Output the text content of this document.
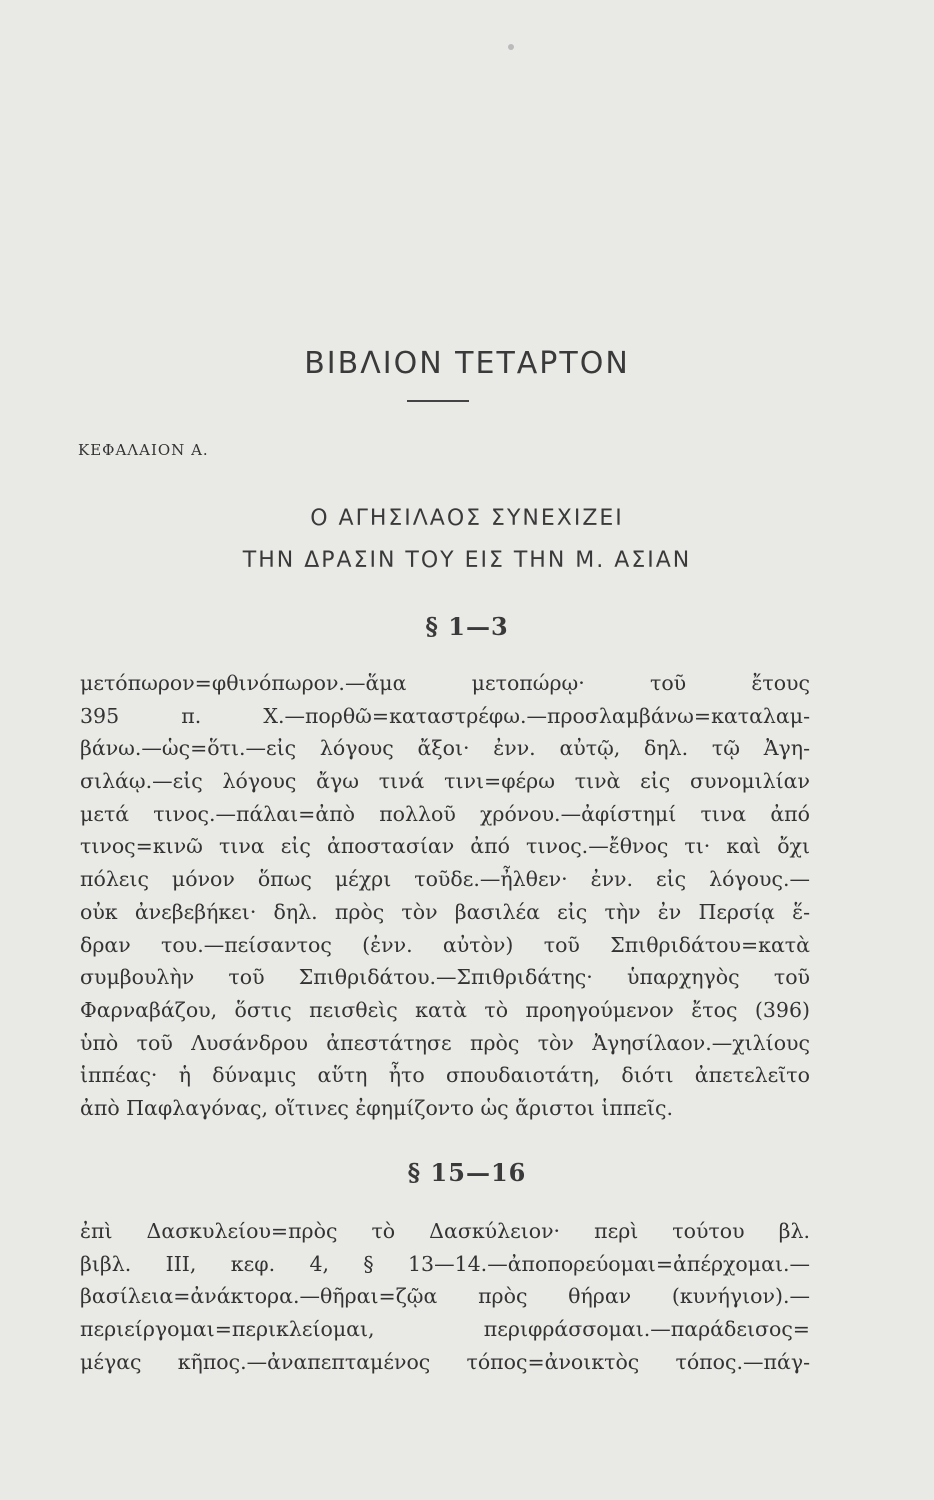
ΒΙΒΛΙΟΝ ΤΕΤΑΡΤΟΝ
ΚΕΦΑΛΑΙΟΝ Α.
Ο ΑΓΗΣΙΛΑΟΣ ΣΥΝΕΧΙΖΕΙ
ΤΗΝ ΔΡΑΣΙΝ ΤΟΥ ΕΙΣ ΤΗΝ Μ. ΑΣΙΑΝ
§ 1—3
μετόπωρον=φθινόπωρον.—ἅμα μετοπώρῳ· τοῦ ἔτους
395 π. Χ.—πορθῶ=καταστρέφω.—προσλαμβάνω=καταλαμ-
βάνω.—ὡς=ὅτι.—εἰς λόγους ἄξοι· ἐνν. αὐτῷ, δηλ. τῷ Ἀγη-
σιλάῳ.—εἰς λόγους ἄγω τινά τινι=φέρω τινὰ εἰς συνομιλίαν
μετά τινος.—πάλαι=ἀπὸ πολλοῦ χρόνου.—ἀφίστημί τινα ἀπό
τινος=κινῶ τινα εἰς ἀποστασίαν ἀπό τινος.—ἔθνος τι· καὶ ὄχι
πόλεις μόνον ὅπως μέχρι τοῦδε.—ἦλθεν· ἐνν. εἰς λόγους.—
οὐκ ἀνεβεβήκει· δηλ. πρὸς τὸν βασιλέα εἰς τὴν ἐν Περσίᾳ ἕ-
δραν του.—πείσαντος (ἐνν. αὐτὸν) τοῦ Σπιθριδάτου=κατὰ
συμβουλὴν τοῦ Σπιθριδάτου.—Σπιθριδάτης· ὑπαρχηγὸς τοῦ
Φαρναβάζου, ὅστις πεισθεὶς κατὰ τὸ προηγούμενον ἔτος (396)
ὑπὸ τοῦ Λυσάνδρου ἀπεστάτησε πρὸς τὸν Ἀγησίλαον.—χιλίους
ἱππέας· ἡ δύναμις αὕτη ἦτο σπουδαιοτάτη, διότι ἀπετελεῖτο
ἀπὸ Παφλαγόνας, οἵτινες ἐφημίζοντο ὡς ἄριστοι ἱππεῖς.
§ 15—16
ἐπὶ Δασκυλείου=πρὸς τὸ Δασκύλειον· περὶ τούτου βλ.
βιβλ. ΙΙΙ, κεφ. 4, § 13—14.—ἀποπορεύομαι=ἀπέρχομαι.—
βασίλεια=ἀνάκτορα.—θῆραι=ζῷα πρὸς θήραν (κυνήγιον).—
περιείργομαι=περικλείομαι, περιφράσσομαι.—παράδεισος=
μέγας κῆπος.—ἀναπεπταμένος τόπος=ἀνοικτὸς τόπος.—πάγ-
